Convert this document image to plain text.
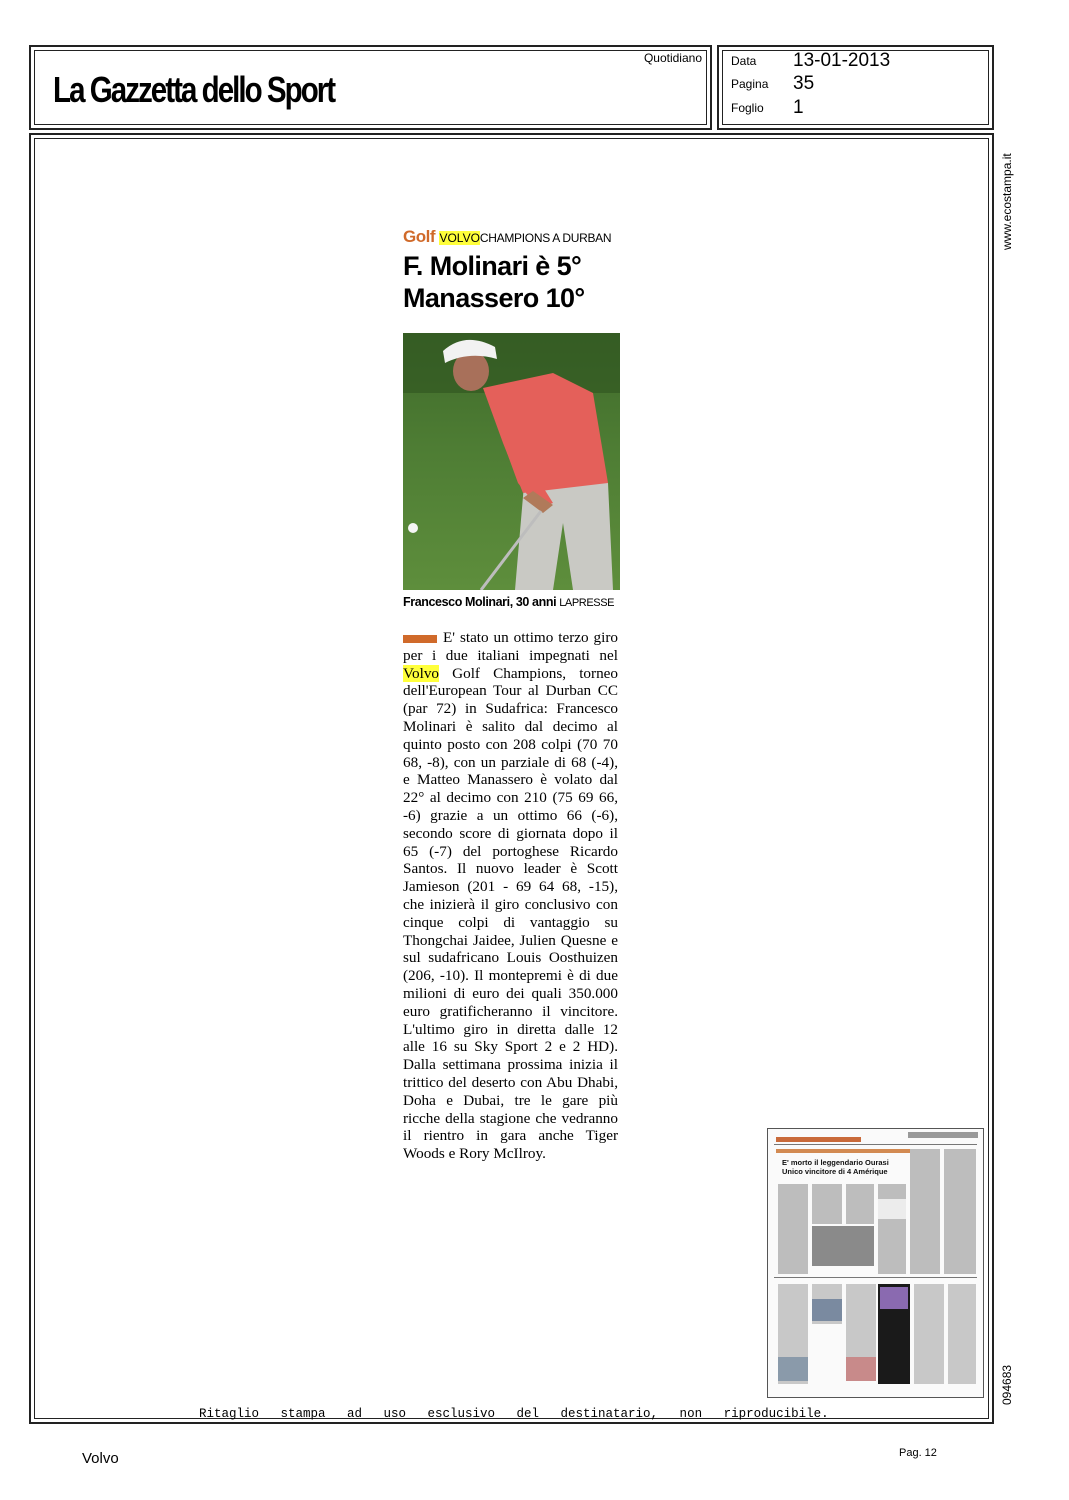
La Gazzetta dello Sport
Quotidiano Data 13-01-2013
Pagina 35
Foglio 1
www.ecostampa.it
094683
Golf VOLVOCHAMPIONS A DURBAN
F. Molinari è 5°
Manassero 10°
Francesco Molinari, 30 anni LAPRESSE
E' stato un ottimo terzo giro per i due italiani impegnati nel Volvo Golf Champions, torneo dell'European Tour al Durban CC (par 72) in Sudafrica: Francesco Molinari è salito dal decimo al quinto posto con 208 colpi (70 70 68, -8), con un parziale di 68 (-4), e Matteo Manassero è volato dal 22° al decimo con 210 (75 69 66, -6) grazie a un ottimo 66 (-6), secondo score di giornata dopo il 65 (-7) del portoghese Ricardo Santos. Il nuovo leader è Scott Jamieson (201 - 69 64 68, -15), che inizierà il giro conclusivo con cinque colpi di vantaggio su Thongchai Jaidee, Julien Quesne e sul sudafricano Louis Oosthuizen (206, -10). Il montepremi è di due milioni di euro dei quali 350.000 euro gratificheranno il vincitore. L'ultimo giro in diretta dalle 12 alle 16 su Sky Sport 2 e 2 HD). Dalla settimana prossima inizia il trittico del deserto con Abu Dhabi, Doha e Dubai, tre le gare più ricche della stagione che vedranno il rientro in gara anche Tiger Woods e Rory McIlroy.
E' morto il leggendario Ourasi
Unico vincitore di 4 Amérique
Ritaglio stampa ad uso esclusivo del destinatario, non riproducibile.
Volvo	Pag. 12
